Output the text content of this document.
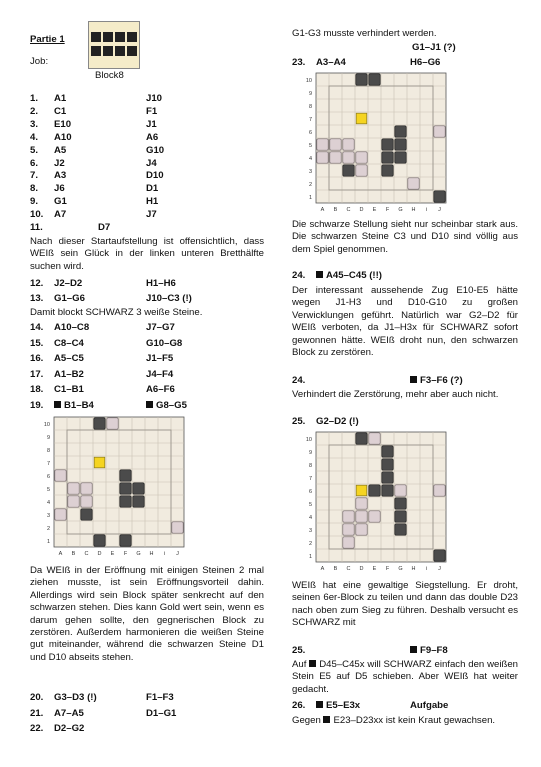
Partie 1
Job:
Block8
1. A1	J10
2. C1	F1
3. E10	J1
4. A10	A6
5. A5	G10
6. J2	J4
7. A3	D10
8. J6	D1
9. G1	H1
10. A7	J7
11.	D7
Nach dieser Startaufstellung ist offensichtlich, dass WEIß sein Glück in der linken unteren Bretthälfte suchen wird.
12. J2–D2	H1–H6
13. G1–G6	J10–C3 (!)
Damit blockt SCHWARZ 3 weiße Steine.
14. A10–C8	J7–G7
15. C8–C4	G10–G8
16. A5–C5	J1–F5
17. A1–B2	J4–F4
18. C1–B1	A6–F6
19.	B1–B4	G8–G5
10
9
8
7
6
5
4
3
2
1
A B C D E F G H i J
Da WEIß in der Eröffnung mit einigen Steinen 2 mal ziehen musste, ist sein Eröffnungsvorteil dahin. Allerdings wird sein Block später senkrecht auf den schwarzen stehen. Dies kann Gold wert sein, wenn es darum gehen sollte, den gegnerischen Block zu zerstören. Außerdem harmonieren die weißen Steine gut miteinander, während die schwarzen Steine D1 und D10 abseits stehen.
20. G3–D3 (!)	F1–F3
21. A7–A5	D1–G1
22. D2–G2
G1-G3 musste verhindert werden.
G1–J1 (?)
23. A3–A4	H6–G6
10
9
8
7
6
5
4
3
2
1
A B C D E F G H i J
Die schwarze Stellung sieht nur scheinbar stark aus. Die schwarzen Steine C3 und D10 sind völlig aus dem Spiel genommen.
24.	A45–C45 (!!)
Der interessant aussehende Zug E10-E5 hätte wegen J1-H3 und D10-G10 zu großen Verwicklungen geführt. Natürlich war G2–D2 für WEIß verboten, da J1–H3x für SCHWARZ sofort gewonnen hätte. WEIß droht nun, den schwarzen Block zu zerstören.
24.	F3–F6 (?)
Verhindert die Zerstörung, mehr aber auch nicht.
25. G2–D2 (!)
10
9
8
7
6
5
4
3
2
1
A B C D E F G H i J
WEIß hat eine gewaltige Siegstellung. Er droht, seinen 6er-Block zu teilen und dann das double D23 nach oben zum Sieg zu führen. Deshalb versucht es SCHWARZ mit
25.	F9–F8
Auf D45–C45x will SCHWARZ einfach den weißen Stein E5 auf D5 schieben. Aber WEIß hat weiter gedacht.
26.	E5–E3x	Aufgabe
Gegen E23–D23xx ist kein Kraut gewachsen.
